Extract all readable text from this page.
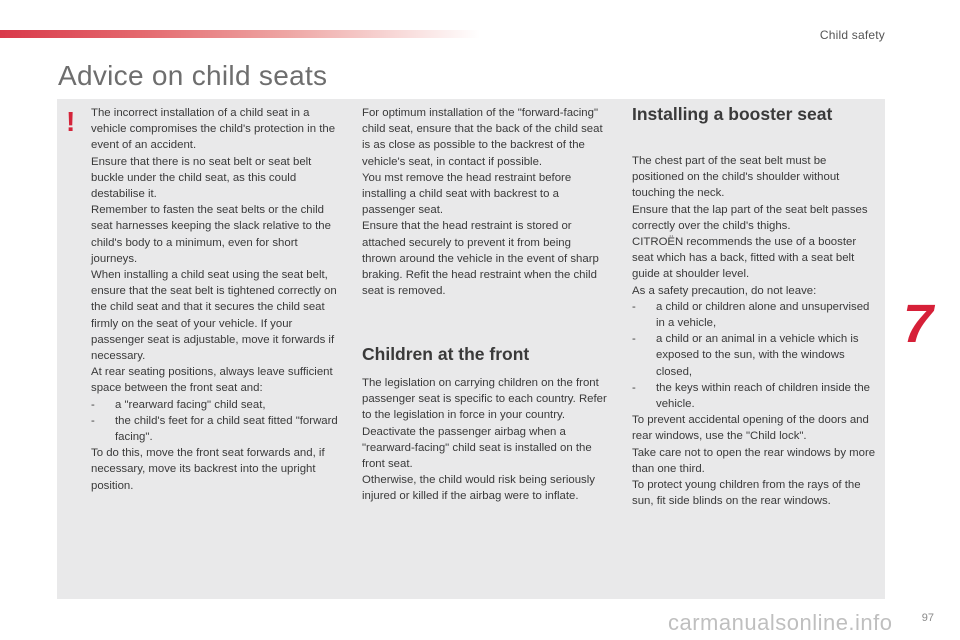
Child safety
Advice on child seats
! The incorrect installation of a child seat in a vehicle compromises the child's protection in the event of an accident.

Ensure that there is no seat belt or seat belt buckle under the child seat, as this could destabilise it.

Remember to fasten the seat belts or the child seat harnesses keeping the slack relative to the child's body to a minimum, even for short journeys.

When installing a child seat using the seat belt, ensure that the seat belt is tightened correctly on the child seat and that it secures the child seat firmly on the seat of your vehicle. If your passenger seat is adjustable, move it forwards if necessary.

At rear seating positions, always leave sufficient space between the front seat and:

-	a "rearward facing" child seat,
-	the child's feet for a child seat fitted "forward facing".

To do this, move the front seat forwards and, if necessary, move its backrest into the upright position.

For optimum installation of the "forward-facing" child seat, ensure that the back of the child seat is as close as possible to the backrest of the vehicle's seat, in contact if possible.

You mst remove the head restraint before installing a child seat with backrest to a passenger seat.

Ensure that the head restraint is stored or attached securely to prevent it from being thrown around the vehicle in the event of sharp braking. Refit the head restraint when the child seat is removed.

Children at the front

The legislation on carrying children on the front passenger seat is specific to each country. Refer to the legislation in force in your country.

Deactivate the passenger airbag when a "rearward-facing" child seat is installed on the front seat.

Otherwise, the child would risk being seriously injured or killed if the airbag were to inflate.

Installing a booster seat

The chest part of the seat belt must be positioned on the child's shoulder without touching the neck.

Ensure that the lap part of the seat belt passes correctly over the child's thighs.

CITROËN recommends the use of a booster seat which has a back, fitted with a seat belt guide at shoulder level.

As a safety precaution, do not leave:

-	a child or children alone and unsupervised in a vehicle,
-	a child or an animal in a vehicle which is exposed to the sun, with the windows closed,
-	the keys within reach of children inside the vehicle.

To prevent accidental opening of the doors and rear windows, use the "Child lock".

Take care not to open the rear windows by more than one third.

To protect young children from the rays of the sun, fit side blinds on the rear windows.

7
carmanualsonline.info	97
